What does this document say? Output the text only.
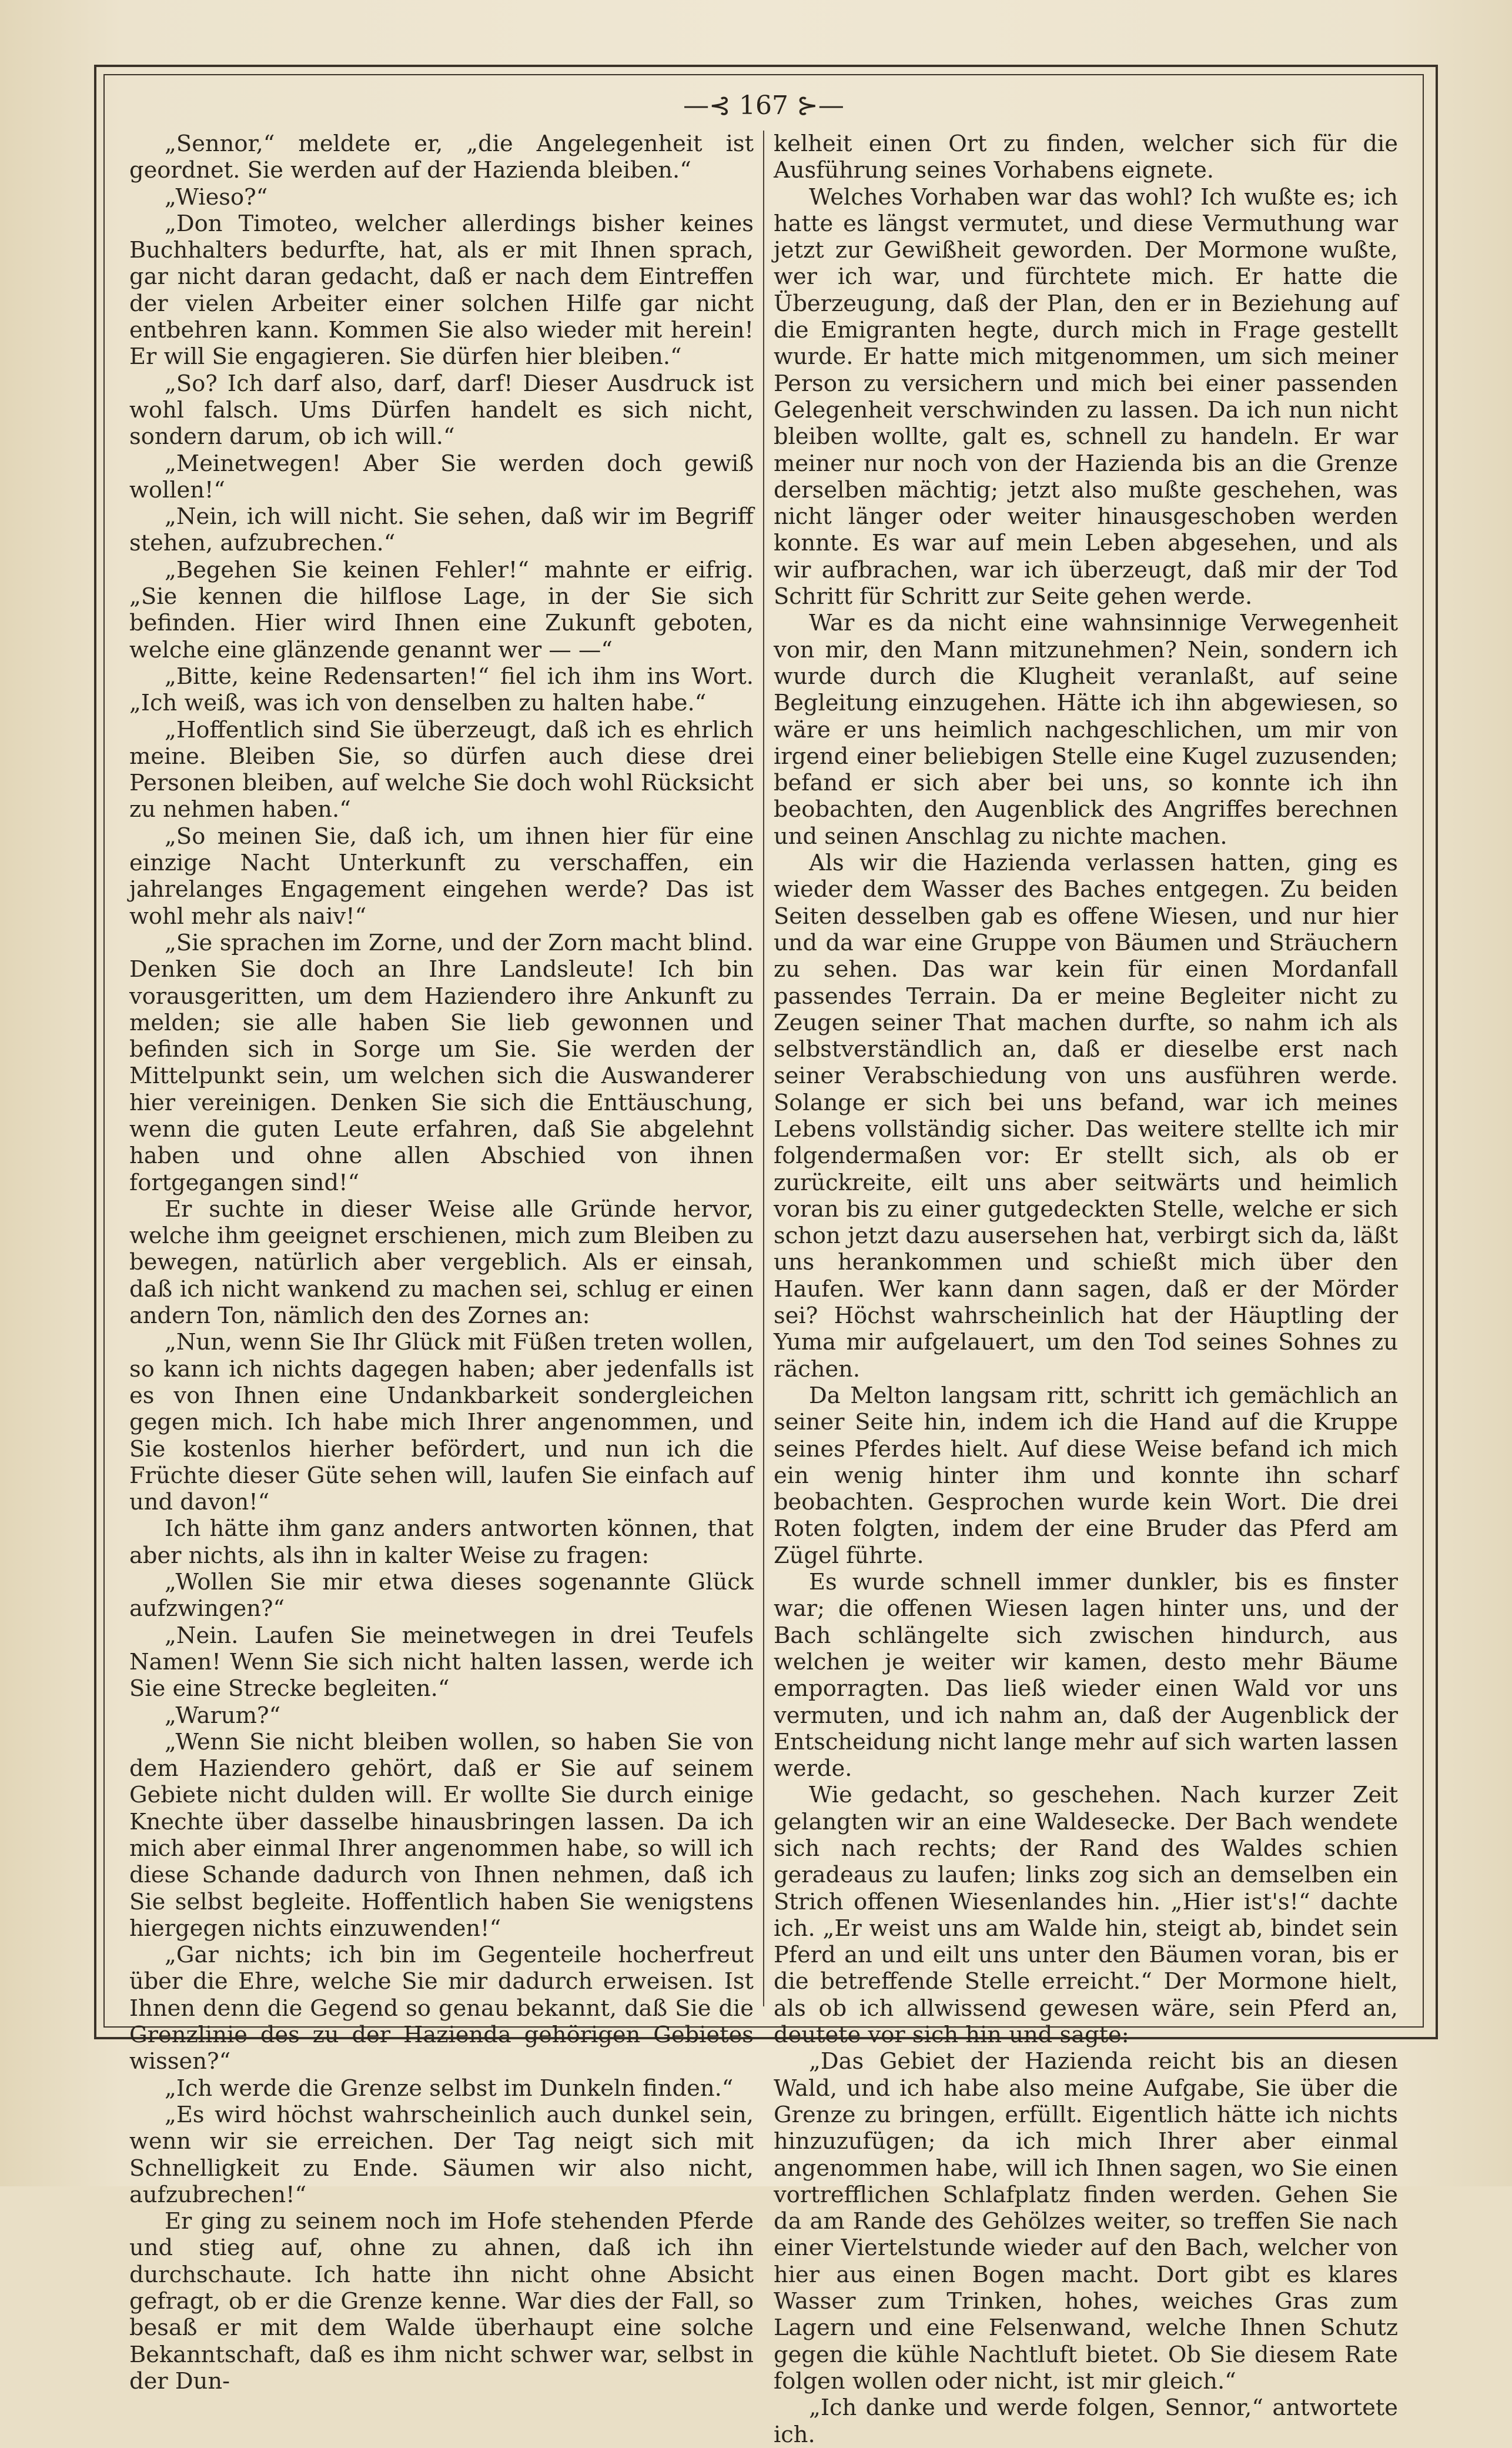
—⊰ 167 ⊱—

„Sennor,“ meldete er, „die Angelegenheit ist geordnet. Sie werden auf der Hazienda bleiben.“

„Wieso?“

„Don Timoteo, welcher allerdings bisher keines Buchhalters bedurfte, hat, als er mit Ihnen sprach, gar nicht daran gedacht, daß er nach dem Eintreffen der vielen Arbeiter einer solchen Hilfe gar nicht entbehren kann. Kommen Sie also wieder mit herein! Er will Sie engagieren. Sie dürfen hier bleiben.“

„So? Ich darf also, darf, darf! Dieser Ausdruck ist wohl falsch. Ums Dürfen handelt es sich nicht, sondern darum, ob ich will.“

„Meinetwegen! Aber Sie werden doch gewiß wollen!“

„Nein, ich will nicht. Sie sehen, daß wir im Begriff stehen, aufzubrechen.“

„Begehen Sie keinen Fehler!“ mahnte er eifrig. „Sie kennen die hilflose Lage, in der Sie sich befinden. Hier wird Ihnen eine Zukunft geboten, welche eine glänzende genannt wer — —“

„Bitte, keine Redensarten!“ fiel ich ihm ins Wort. „Ich weiß, was ich von denselben zu halten habe.“

„Hoffentlich sind Sie überzeugt, daß ich es ehrlich meine. Bleiben Sie, so dürfen auch diese drei Personen bleiben, auf welche Sie doch wohl Rücksicht zu nehmen haben.“

„So meinen Sie, daß ich, um ihnen hier für eine einzige Nacht Unterkunft zu verschaffen, ein jahrelanges Engagement eingehen werde? Das ist wohl mehr als naiv!“

„Sie sprachen im Zorne, und der Zorn macht blind. Denken Sie doch an Ihre Landsleute! Ich bin vorausgeritten, um dem Haziendero ihre Ankunft zu melden; sie alle haben Sie lieb gewonnen und befinden sich in Sorge um Sie. Sie werden der Mittelpunkt sein, um welchen sich die Auswanderer hier vereinigen. Denken Sie sich die Enttäuschung, wenn die guten Leute erfahren, daß Sie abgelehnt haben und ohne allen Abschied von ihnen fortgegangen sind!“

Er suchte in dieser Weise alle Gründe hervor, welche ihm geeignet erschienen, mich zum Bleiben zu bewegen, natürlich aber vergeblich. Als er einsah, daß ich nicht wankend zu machen sei, schlug er einen andern Ton, nämlich den des Zornes an:

„Nun, wenn Sie Ihr Glück mit Füßen treten wollen, so kann ich nichts dagegen haben; aber jedenfalls ist es von Ihnen eine Undankbarkeit sondergleichen gegen mich. Ich habe mich Ihrer angenommen, und Sie kostenlos hierher befördert, und nun ich die Früchte dieser Güte sehen will, laufen Sie einfach auf und davon!“

Ich hätte ihm ganz anders antworten können, that aber nichts, als ihn in kalter Weise zu fragen:

„Wollen Sie mir etwa dieses sogenannte Glück aufzwingen?“

„Nein. Laufen Sie meinetwegen in drei Teufels Namen! Wenn Sie sich nicht halten lassen, werde ich Sie eine Strecke begleiten.“

„Warum?“

„Wenn Sie nicht bleiben wollen, so haben Sie von dem Haziendero gehört, daß er Sie auf seinem Gebiete nicht dulden will. Er wollte Sie durch einige Knechte über dasselbe hinausbringen lassen. Da ich mich aber einmal Ihrer angenommen habe, so will ich diese Schande dadurch von Ihnen nehmen, daß ich Sie selbst begleite. Hoffentlich haben Sie wenigstens hiergegen nichts einzuwenden!“

„Gar nichts; ich bin im Gegenteile hocherfreut über die Ehre, welche Sie mir dadurch erweisen. Ist Ihnen denn die Gegend so genau bekannt, daß Sie die Grenzlinie des zu der Hazienda gehörigen Gebietes wissen?“

„Ich werde die Grenze selbst im Dunkeln finden.“

„Es wird höchst wahrscheinlich auch dunkel sein, wenn wir sie erreichen. Der Tag neigt sich mit Schnelligkeit zu Ende. Säumen wir also nicht, aufzubrechen!“

Er ging zu seinem noch im Hofe stehenden Pferde und stieg auf, ohne zu ahnen, daß ich ihn durchschaute. Ich hatte ihn nicht ohne Absicht gefragt, ob er die Grenze kenne. War dies der Fall, so besaß er mit dem Walde überhaupt eine solche Bekanntschaft, daß es ihm nicht schwer war, selbst in der Dun-

kelheit einen Ort zu finden, welcher sich für die Ausführung seines Vorhabens eignete.

Welches Vorhaben war das wohl? Ich wußte es; ich hatte es längst vermutet, und diese Vermuthung war jetzt zur Gewißheit geworden. Der Mormone wußte, wer ich war, und fürchtete mich. Er hatte die Überzeugung, daß der Plan, den er in Beziehung auf die Emigranten hegte, durch mich in Frage gestellt wurde. Er hatte mich mitgenommen, um sich meiner Person zu versichern und mich bei einer passenden Gelegenheit verschwinden zu lassen. Da ich nun nicht bleiben wollte, galt es, schnell zu handeln. Er war meiner nur noch von der Hazienda bis an die Grenze derselben mächtig; jetzt also mußte geschehen, was nicht länger oder weiter hinausgeschoben werden konnte. Es war auf mein Leben abgesehen, und als wir aufbrachen, war ich überzeugt, daß mir der Tod Schritt für Schritt zur Seite gehen werde.

War es da nicht eine wahnsinnige Verwegenheit von mir, den Mann mitzunehmen? Nein, sondern ich wurde durch die Klugheit veranlaßt, auf seine Begleitung einzugehen. Hätte ich ihn abgewiesen, so wäre er uns heimlich nachgeschlichen, um mir von irgend einer beliebigen Stelle eine Kugel zuzusenden; befand er sich aber bei uns, so konnte ich ihn beobachten, den Augenblick des Angriffes berechnen und seinen Anschlag zu nichte machen.

Als wir die Hazienda verlassen hatten, ging es wieder dem Wasser des Baches entgegen. Zu beiden Seiten desselben gab es offene Wiesen, und nur hier und da war eine Gruppe von Bäumen und Sträuchern zu sehen. Das war kein für einen Mordanfall passendes Terrain. Da er meine Begleiter nicht zu Zeugen seiner That machen durfte, so nahm ich als selbstverständlich an, daß er dieselbe erst nach seiner Verabschiedung von uns ausführen werde. Solange er sich bei uns befand, war ich meines Lebens vollständig sicher. Das weitere stellte ich mir folgendermaßen vor: Er stellt sich, als ob er zurückreite, eilt uns aber seitwärts und heimlich voran bis zu einer gutgedeckten Stelle, welche er sich schon jetzt dazu ausersehen hat, verbirgt sich da, läßt uns herankommen und schießt mich über den Haufen. Wer kann dann sagen, daß er der Mörder sei? Höchst wahrscheinlich hat der Häuptling der Yuma mir aufgelauert, um den Tod seines Sohnes zu rächen.

Da Melton langsam ritt, schritt ich gemächlich an seiner Seite hin, indem ich die Hand auf die Kruppe seines Pferdes hielt. Auf diese Weise befand ich mich ein wenig hinter ihm und konnte ihn scharf beobachten. Gesprochen wurde kein Wort. Die drei Roten folgten, indem der eine Bruder das Pferd am Zügel führte.

Es wurde schnell immer dunkler, bis es finster war; die offenen Wiesen lagen hinter uns, und der Bach schlängelte sich zwischen hindurch, aus welchen je weiter wir kamen, desto mehr Bäume emporragten. Das ließ wieder einen Wald vor uns vermuten, und ich nahm an, daß der Augenblick der Entscheidung nicht lange mehr auf sich warten lassen werde.

Wie gedacht, so geschehen. Nach kurzer Zeit gelangten wir an eine Waldesecke. Der Bach wendete sich nach rechts; der Rand des Waldes schien geradeaus zu laufen; links zog sich an demselben ein Strich offenen Wiesenlandes hin. „Hier ist's!“ dachte ich. „Er weist uns am Walde hin, steigt ab, bindet sein Pferd an und eilt uns unter den Bäumen voran, bis er die betreffende Stelle erreicht.“ Der Mormone hielt, als ob ich allwissend gewesen wäre, sein Pferd an, deutete vor sich hin und sagte:

„Das Gebiet der Hazienda reicht bis an diesen Wald, und ich habe also meine Aufgabe, Sie über die Grenze zu bringen, erfüllt. Eigentlich hätte ich nichts hinzuzufügen; da ich mich Ihrer aber einmal angenommen habe, will ich Ihnen sagen, wo Sie einen vortrefflichen Schlafplatz finden werden. Gehen Sie da am Rande des Gehölzes weiter, so treffen Sie nach einer Viertelstunde wieder auf den Bach, welcher von hier aus einen Bogen macht. Dort gibt es klares Wasser zum Trinken, hohes, weiches Gras zum Lagern und eine Felsenwand, welche Ihnen Schutz gegen die kühle Nachtluft bietet. Ob Sie diesem Rate folgen wollen oder nicht, ist mir gleich.“

„Ich danke und werde folgen, Sennor,“ antwortete ich.
